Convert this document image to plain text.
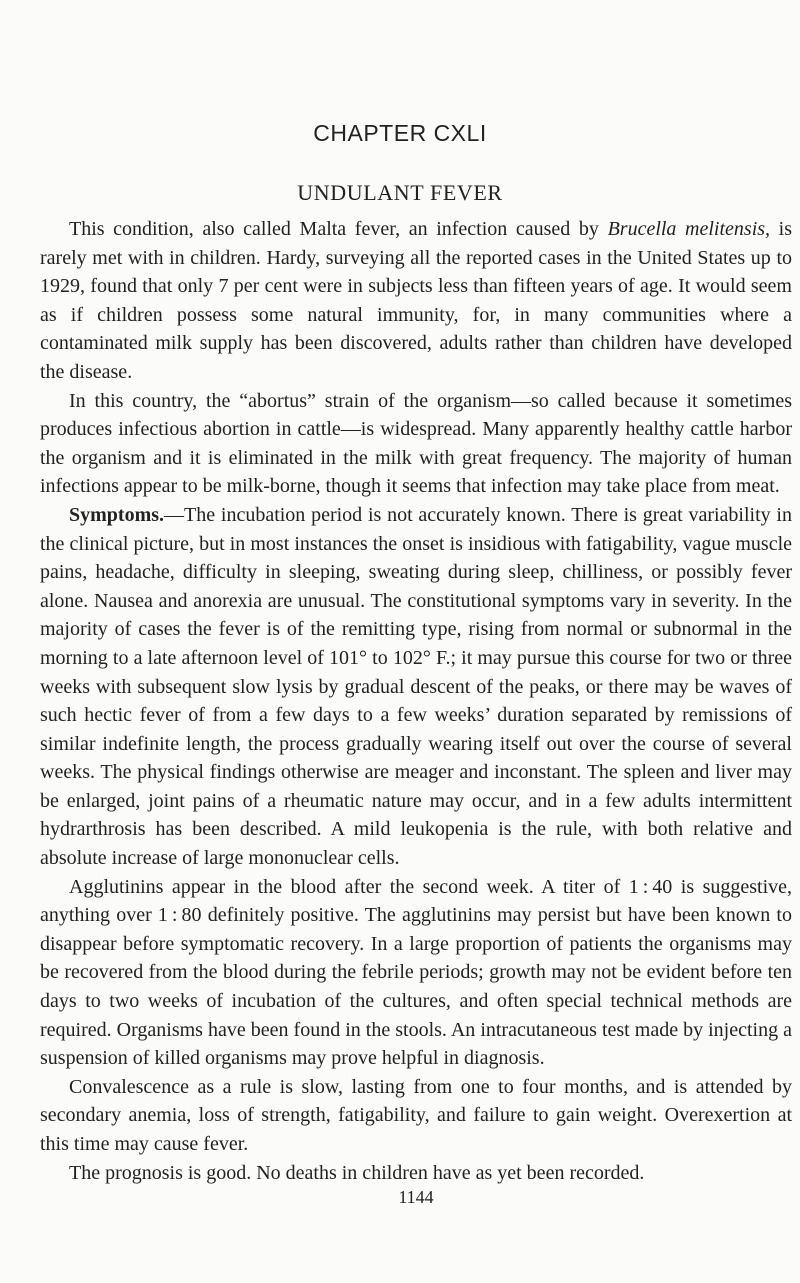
CHAPTER CXLI
UNDULANT FEVER

This condition, also called Malta fever, an infection caused by Brucella melitensis, is rarely met with in children. Hardy, surveying all the reported cases in the United States up to 1929, found that only 7 per cent were in subjects less than fifteen years of age. It would seem as if children possess some natural immunity, for, in many communities where a contaminated milk supply has been discovered, adults rather than children have developed the disease.

In this country, the “abortus” strain of the organism—so called because it sometimes produces infectious abortion in cattle—is widespread. Many apparently healthy cattle harbor the organism and it is eliminated in the milk with great frequency. The majority of human infections appear to be milk-borne, though it seems that infection may take place from meat.

Symptoms.—The incubation period is not accurately known. There is great variability in the clinical picture, but in most instances the onset is insidious with fatigability, vague muscle pains, headache, difficulty in sleeping, sweating during sleep, chilliness, or possibly fever alone. Nausea and anorexia are unusual. The constitutional symptoms vary in severity. In the majority of cases the fever is of the remitting type, rising from normal or subnormal in the morning to a late afternoon level of 101° to 102° F.; it may pursue this course for two or three weeks with subsequent slow lysis by gradual descent of the peaks, or there may be waves of such hectic fever of from a few days to a few weeks’ duration separated by remissions of similar indefinite length, the process gradually wearing itself out over the course of several weeks. The physical findings otherwise are meager and inconstant. The spleen and liver may be enlarged, joint pains of a rheumatic nature may occur, and in a few adults intermittent hydrarthrosis has been described. A mild leukopenia is the rule, with both relative and absolute increase of large mononuclear cells.

Agglutinins appear in the blood after the second week. A titer of 1 : 40 is suggestive, anything over 1 : 80 definitely positive. The agglutinins may persist but have been known to disappear before symptomatic recovery. In a large proportion of patients the organisms may be recovered from the blood during the febrile periods; growth may not be evident before ten days to two weeks of incubation of the cultures, and often special technical methods are required. Organisms have been found in the stools. An intracutaneous test made by injecting a suspension of killed organisms may prove helpful in diagnosis.

Convalescence as a rule is slow, lasting from one to four months, and is attended by secondary anemia, loss of strength, fatigability, and failure to gain weight. Overexertion at this time may cause fever.

The prognosis is good. No deaths in children have as yet been recorded.

1144
